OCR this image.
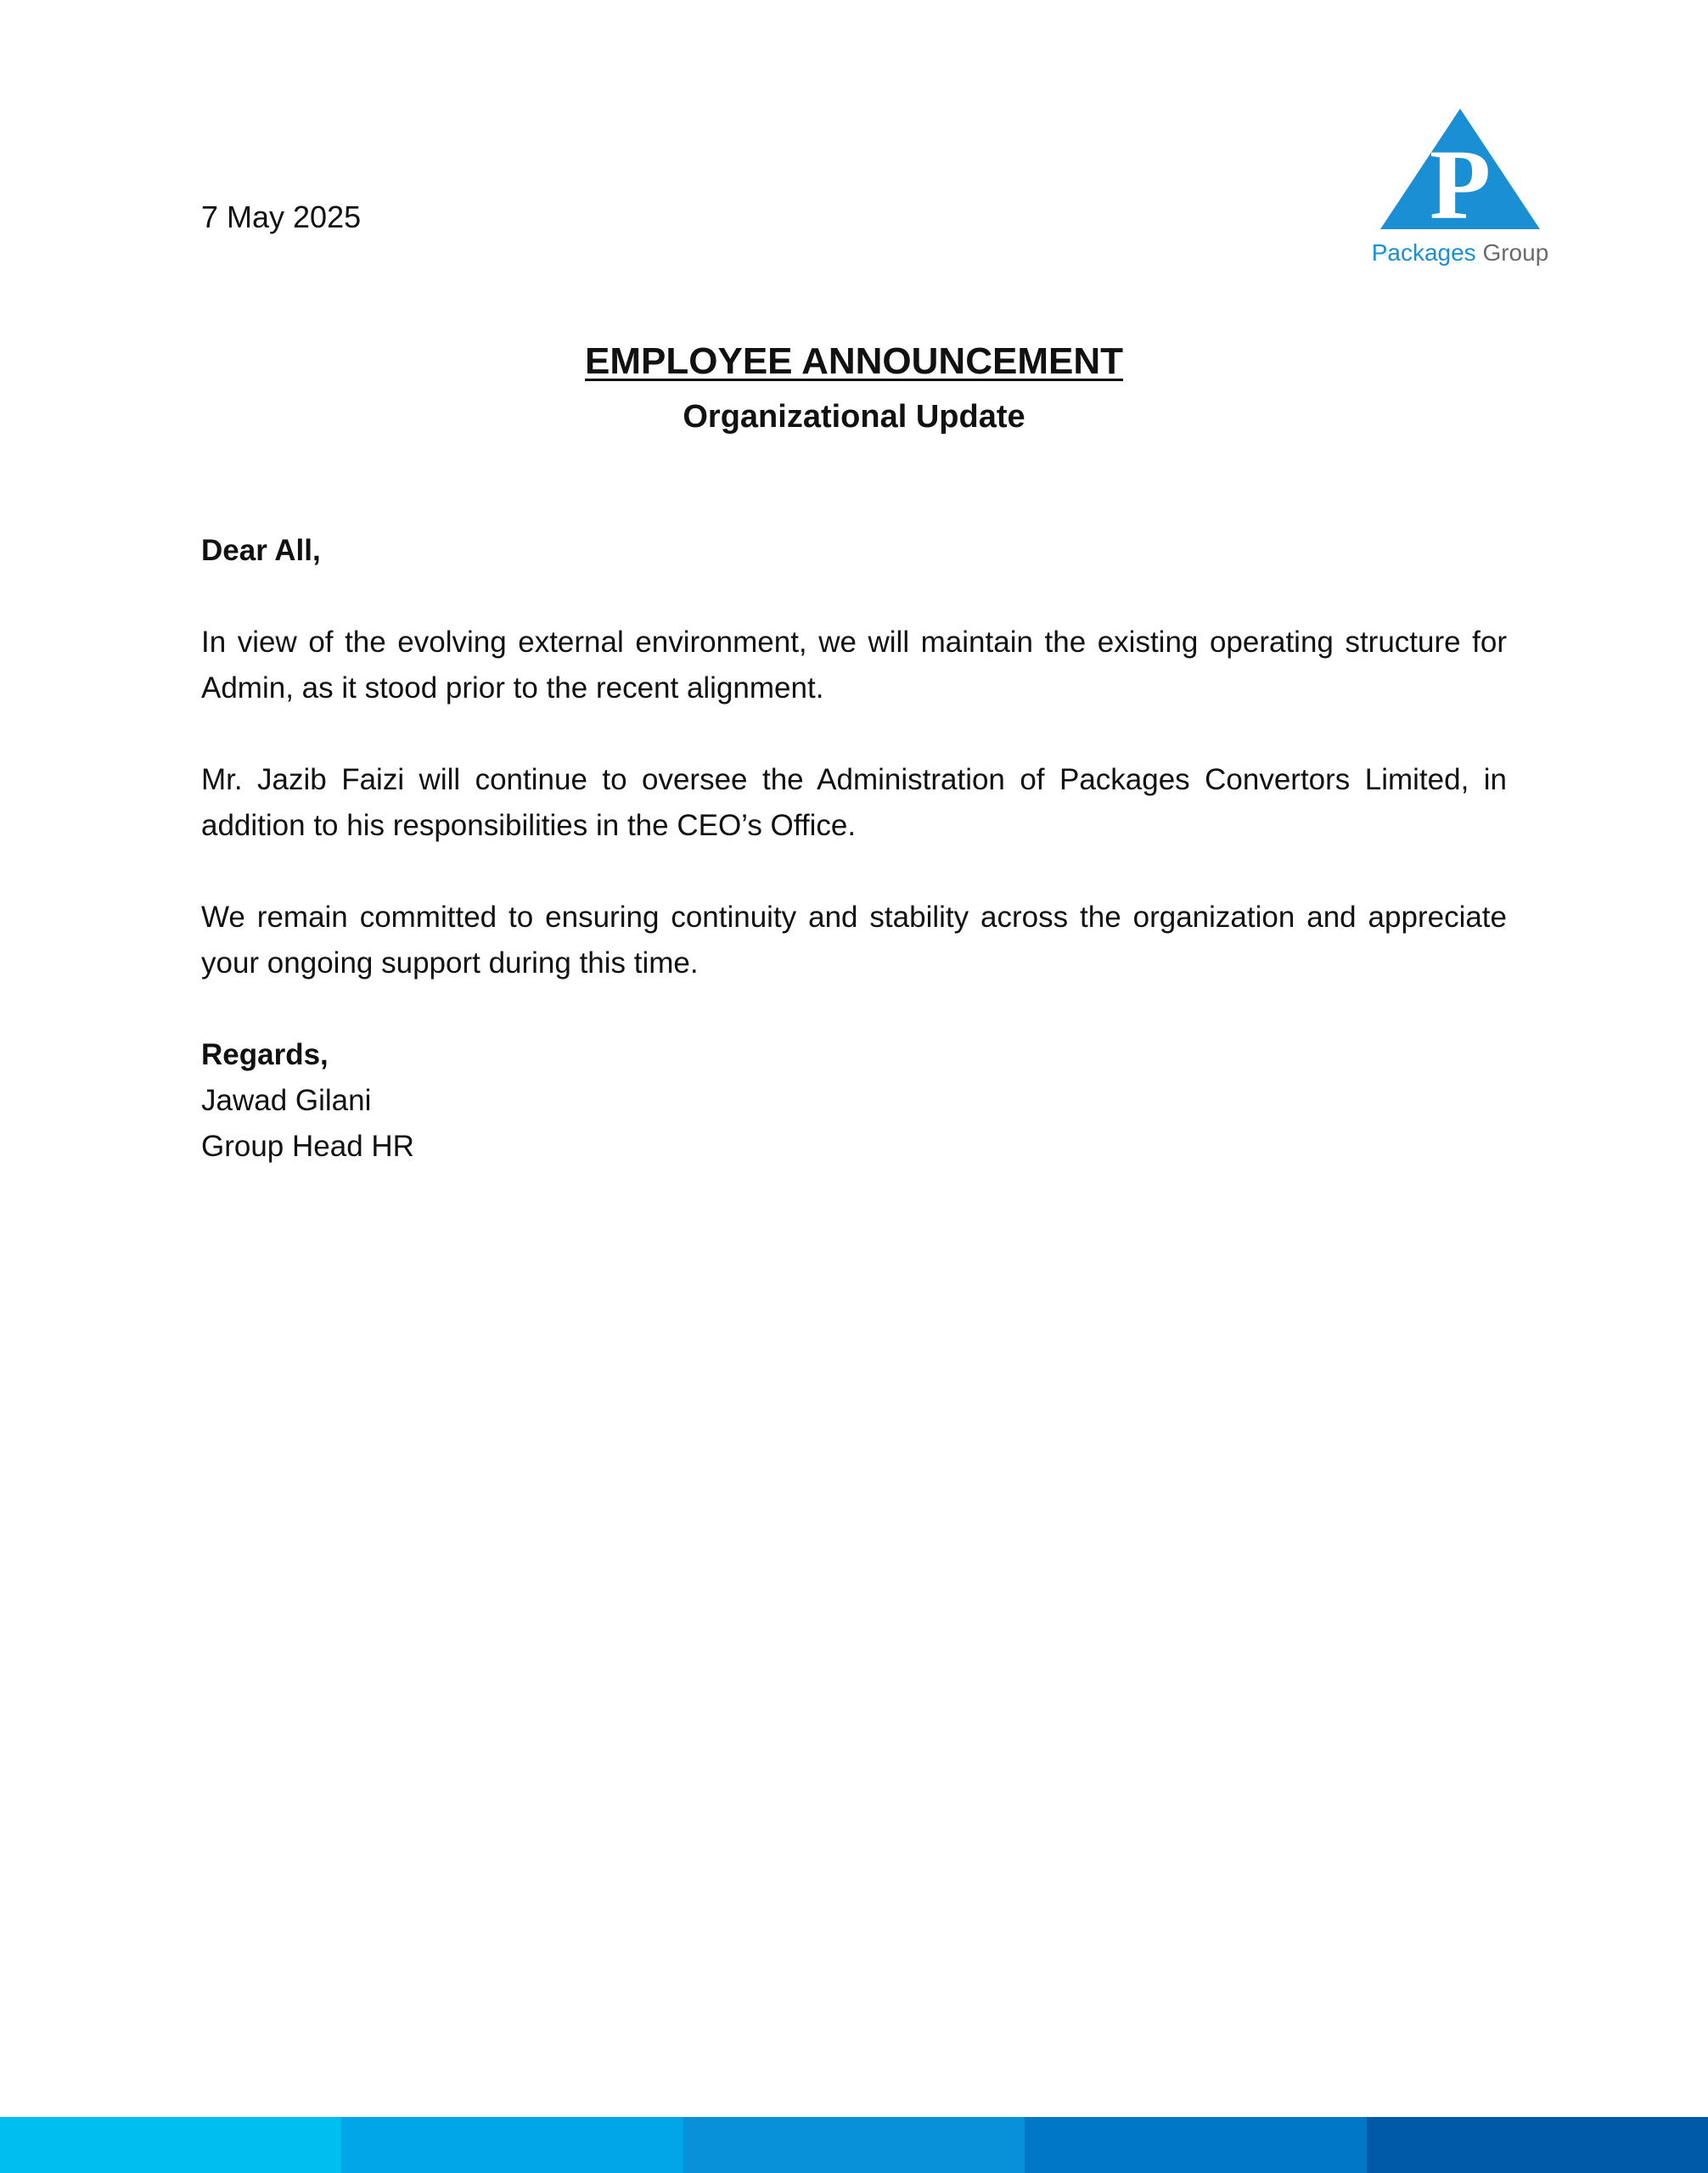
7 May 2025	P
Packages Group
EMPLOYEE ANNOUNCEMENT
Organizational Update

Dear All,

In view of the evolving external environment, we will maintain the existing operating structure for Admin, as it stood prior to the recent alignment.

Mr. Jazib Faizi will continue to oversee the Administration of Packages Convertors Limited, in addition to his responsibilities in the CEO’s Office.

We remain committed to ensuring continuity and stability across the organization and appreciate your ongoing support during this time.

Regards,

Jawad Gilani

Group Head HR
